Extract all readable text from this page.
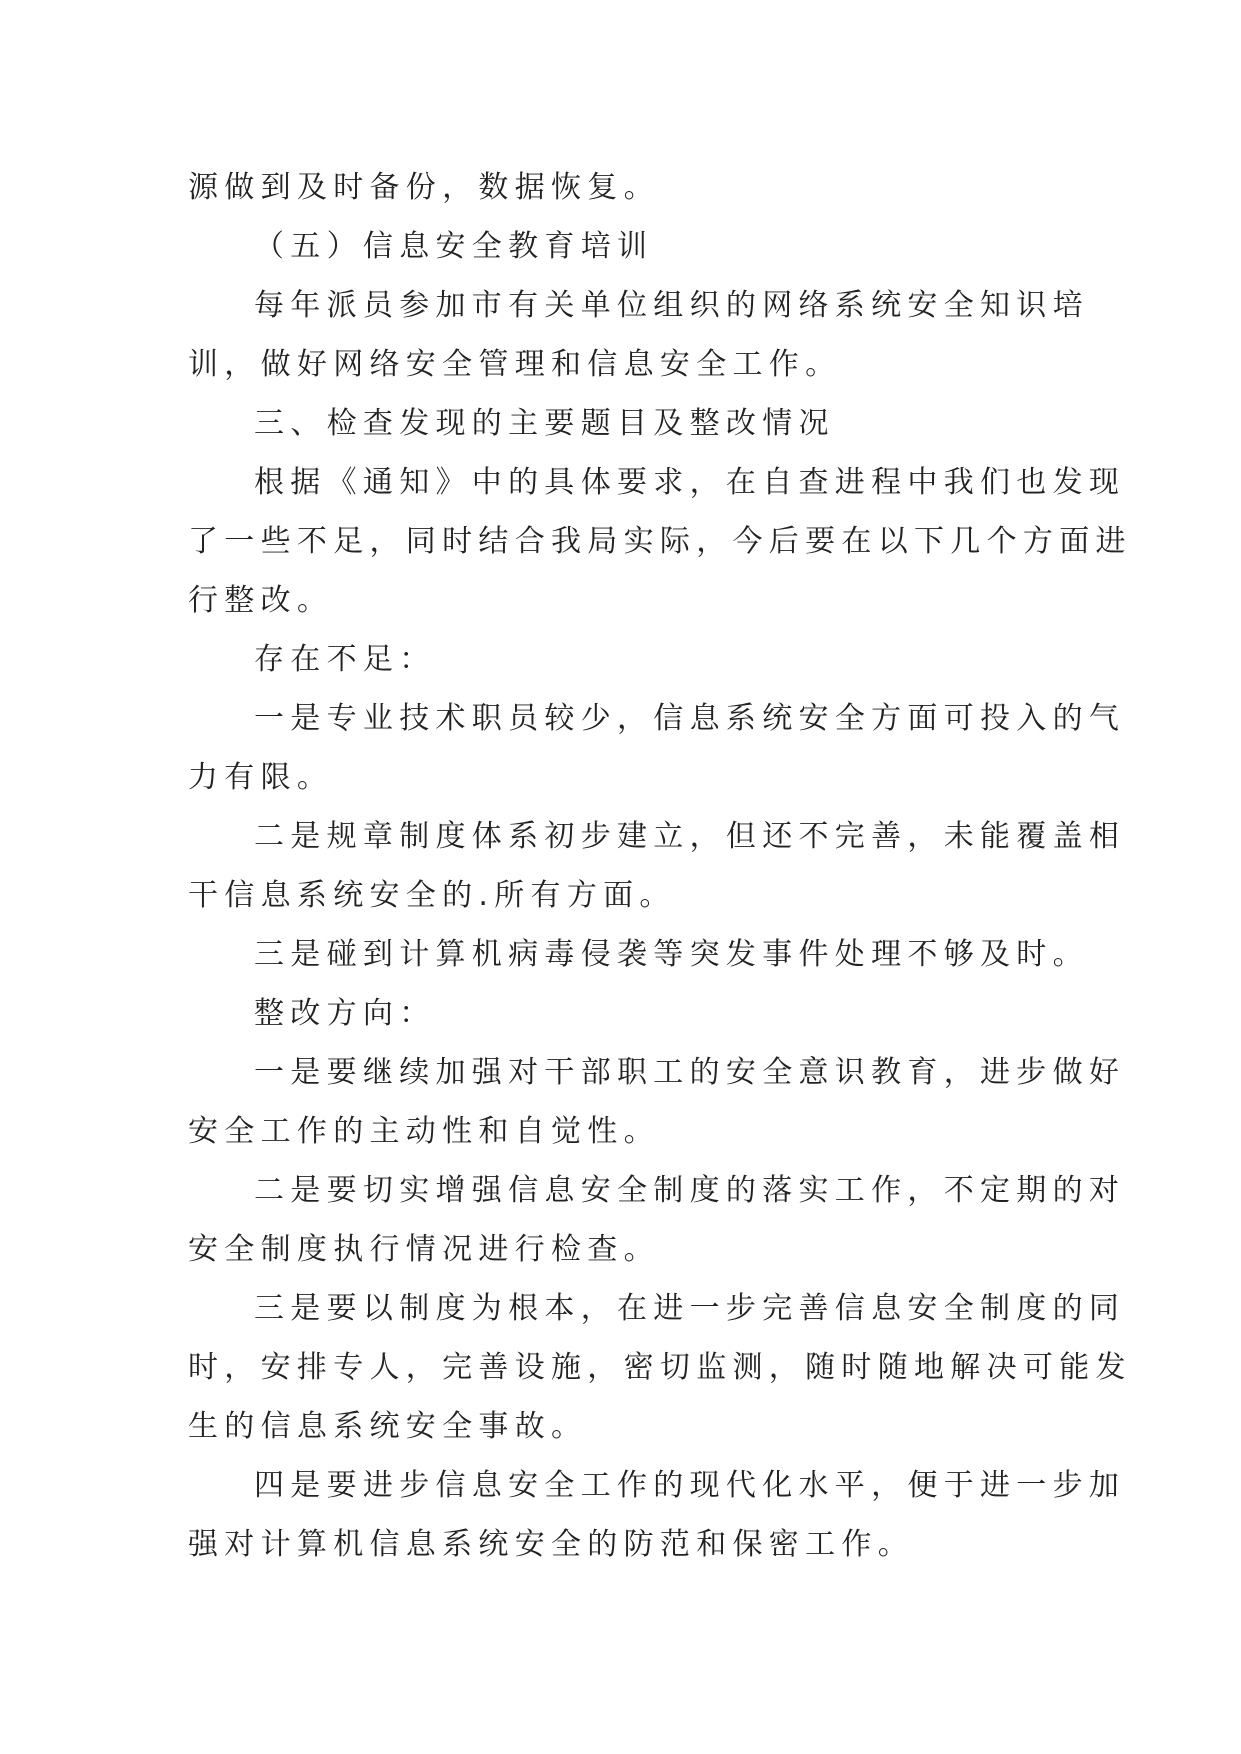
源做到及时备份，数据恢复。
（五）信息安全教育培训
每年派员参加市有关单位组织的网络系统安全知识培
训，做好网络安全管理和信息安全工作。
三、检查发现的主要题目及整改情况
根据《通知》中的具体要求，在自查进程中我们也发现
了一些不足，同时结合我局实际，今后要在以下几个方面进
行整改。
存在不足：
一是专业技术职员较少，信息系统安全方面可投入的气
力有限。
二是规章制度体系初步建立，但还不完善，未能覆盖相
干信息系统安全的.所有方面。
三是碰到计算机病毒侵袭等突发事件处理不够及时。
整改方向：
一是要继续加强对干部职工的安全意识教育，进步做好
安全工作的主动性和自觉性。
二是要切实增强信息安全制度的落实工作，不定期的对
安全制度执行情况进行检查。
三是要以制度为根本，在进一步完善信息安全制度的同
时，安排专人，完善设施，密切监测，随时随地解决可能发
生的信息系统安全事故。
四是要进步信息安全工作的现代化水平，便于进一步加
强对计算机信息系统安全的防范和保密工作。
